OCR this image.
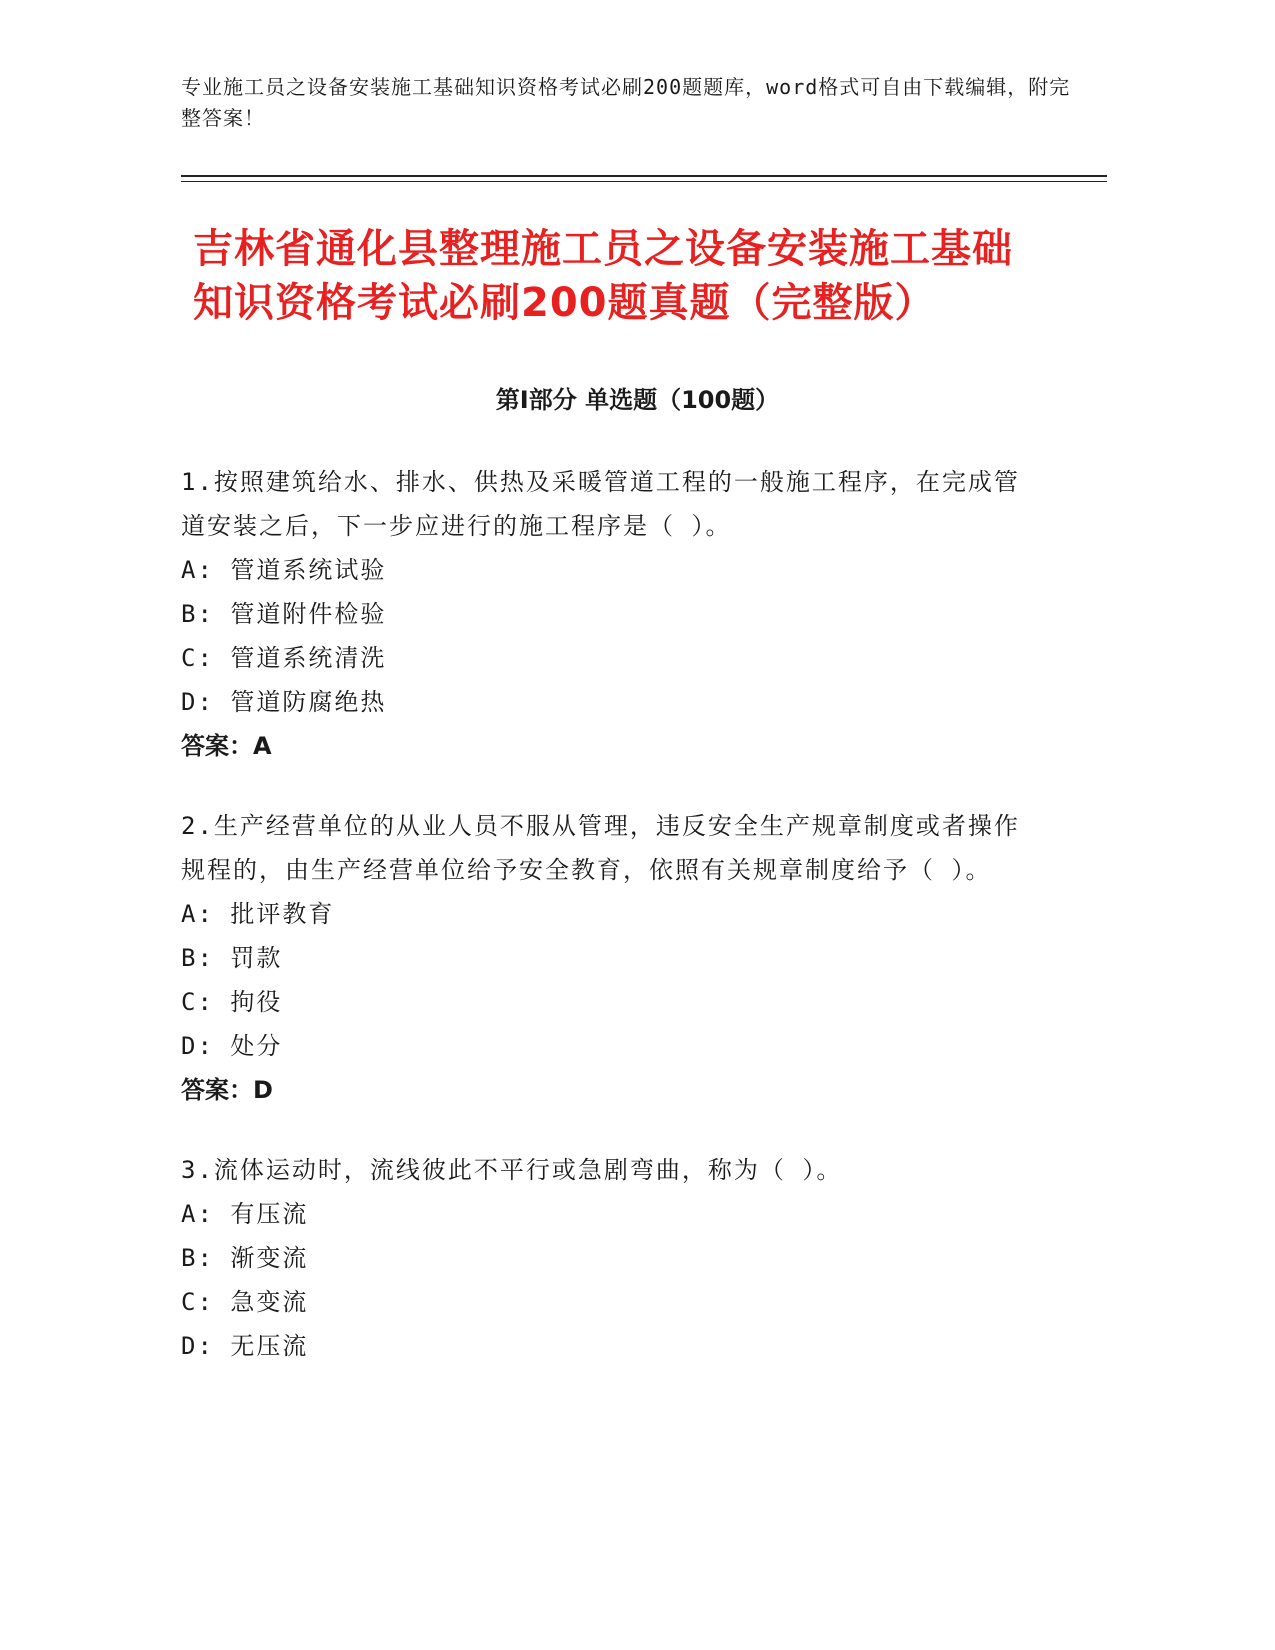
专业施工员之设备安装施工基础知识资格考试必刷200题题库，word格式可自由下载编辑，附完整答案！
吉林省通化县整理施工员之设备安装施工基础知识资格考试必刷200题真题（完整版）
第Ⅰ部分 单选题（100题）
1.按照建筑给水、排水、供热及采暖管道工程的一般施工程序，在完成管道安装之后，下一步应进行的施工程序是（ ）。
A: 管道系统试验
B: 管道附件检验
C: 管道系统清洗
D: 管道防腐绝热
答案：A
2.生产经营单位的从业人员不服从管理，违反安全生产规章制度或者操作规程的，由生产经营单位给予安全教育，依照有关规章制度给予（ ）。
A: 批评教育
B: 罚款
C: 拘役
D: 处分
答案：D
3.流体运动时，流线彼此不平行或急剧弯曲，称为（ ）。
A: 有压流
B: 渐变流
C: 急变流
D: 无压流
